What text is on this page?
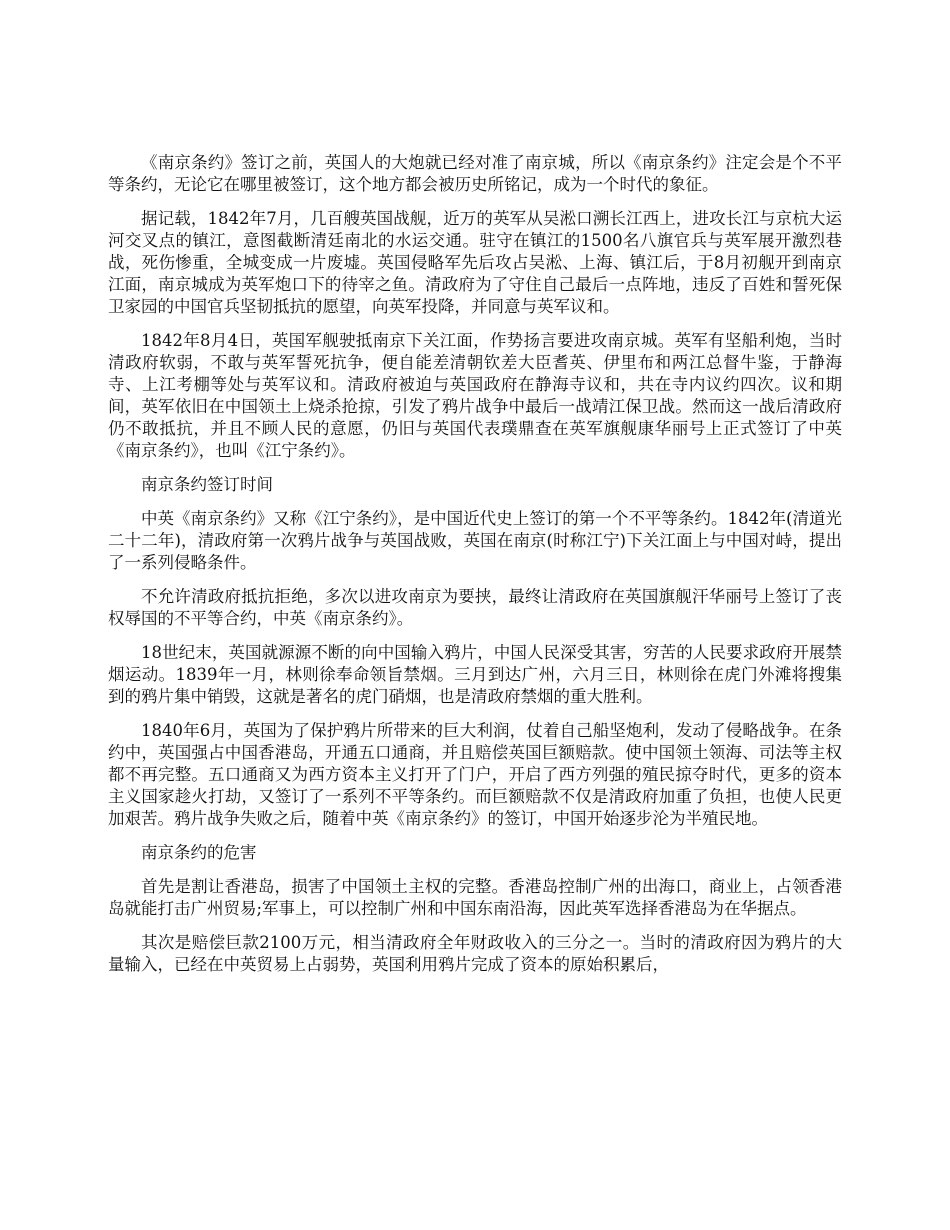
《南京条约》签订之前，英国人的大炮就已经对准了南京城，所以《南京条约》注定会是个不平等条约，无论它在哪里被签订，这个地方都会被历史所铭记，成为一个时代的象征。

据记载，1842年7月，几百艘英国战舰，近万的英军从吴淞口溯长江西上，进攻长江与京杭大运河交叉点的镇江，意图截断清廷南北的水运交通。驻守在镇江的1500名八旗官兵与英军展开激烈巷战，死伤惨重，全城变成一片废墟。英国侵略军先后攻占吴淞、上海、镇江后，于8月初舰开到南京江面，南京城成为英军炮口下的待宰之鱼。清政府为了守住自己最后一点阵地，违反了百姓和誓死保卫家园的中国官兵坚韧抵抗的愿望，向英军投降，并同意与英军议和。

1842年8月4日，英国军舰驶抵南京下关江面，作势扬言要进攻南京城。英军有坚船利炮，当时清政府软弱，不敢与英军誓死抗争，便自能差清朝钦差大臣耆英、伊里布和两江总督牛鉴，于静海寺、上江考棚等处与英军议和。清政府被迫与英国政府在静海寺议和，共在寺内议约四次。议和期间，英军依旧在中国领土上烧杀抢掠，引发了鸦片战争中最后一战靖江保卫战。然而这一战后清政府仍不敢抵抗，并且不顾人民的意愿，仍旧与英国代表璞鼎查在英军旗舰康华丽号上正式签订了中英《南京条约》，也叫《江宁条约》。

南京条约签订时间

中英《南京条约》又称《江宁条约》，是中国近代史上签订的第一个不平等条约。1842年(清道光二十二年)，清政府第一次鸦片战争与英国战败，英国在南京(时称江宁)下关江面上与中国对峙，提出了一系列侵略条件。

不允许清政府抵抗拒绝，多次以进攻南京为要挟，最终让清政府在英国旗舰汗华丽号上签订了丧权辱国的不平等合约，中英《南京条约》。

18世纪末，英国就源源不断的向中国输入鸦片，中国人民深受其害，穷苦的人民要求政府开展禁烟运动。1839年一月，林则徐奉命领旨禁烟。三月到达广州，六月三日，林则徐在虎门外滩将搜集到的鸦片集中销毁，这就是著名的虎门硝烟，也是清政府禁烟的重大胜利。

1840年6月，英国为了保护鸦片所带来的巨大利润，仗着自己船坚炮利，发动了侵略战争。在条约中，英国强占中国香港岛，开通五口通商，并且赔偿英国巨额赔款。使中国领土领海、司法等主权都不再完整。五口通商又为西方资本主义打开了门户，开启了西方列强的殖民掠夺时代，更多的资本主义国家趁火打劫，又签订了一系列不平等条约。而巨额赔款不仅是清政府加重了负担，也使人民更加艰苦。鸦片战争失败之后，随着中英《南京条约》的签订，中国开始逐步沦为半殖民地。

南京条约的危害

首先是割让香港岛，损害了中国领土主权的完整。香港岛控制广州的出海口，商业上，占领香港岛就能打击广州贸易;军事上，可以控制广州和中国东南沿海，因此英军选择香港岛为在华据点。

其次是赔偿巨款2100万元，相当清政府全年财政收入的三分之一。当时的清政府因为鸦片的大量输入，已经在中英贸易上占弱势，英国利用鸦片完成了资本的原始积累后，
